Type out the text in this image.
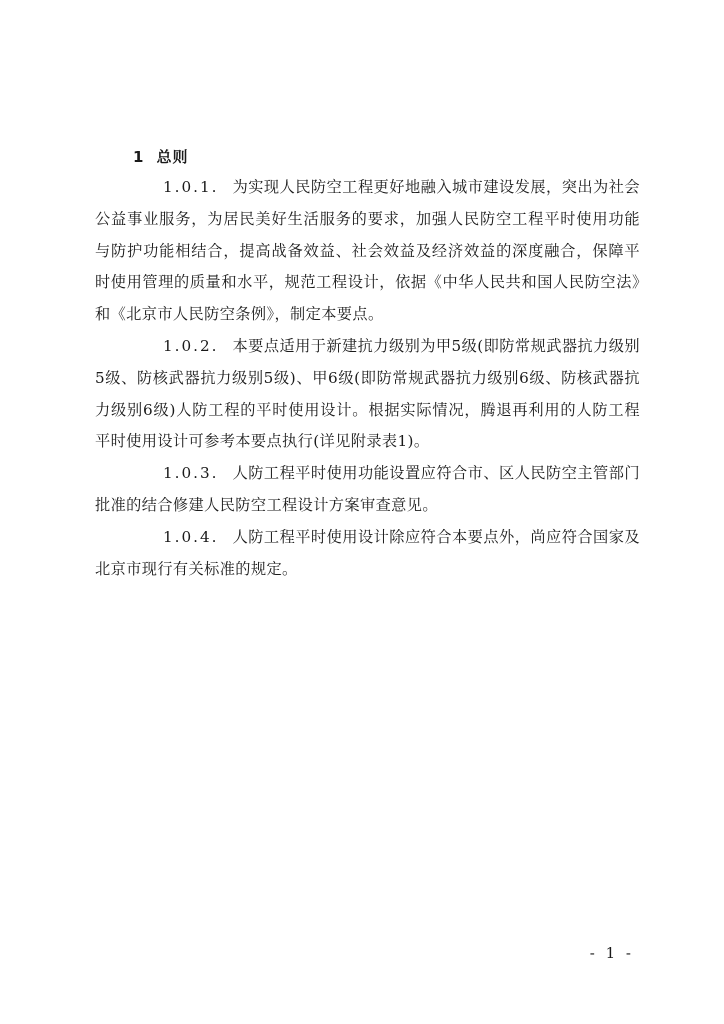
1 总则

1.0.1. 为实现人民防空工程更好地融入城市建设发展，突出为社会公益事业服务，为居民美好生活服务的要求，加强人民防空工程平时使用功能与防护功能相结合，提高战备效益、社会效益及经济效益的深度融合，保障平时使用管理的质量和水平，规范工程设计，依据《中华人民共和国人民防空法》和《北京市人民防空条例》，制定本要点。

1.0.2. 本要点适用于新建抗力级别为甲5级(即防常规武器抗力级别5级、防核武器抗力级别5级)、甲6级(即防常规武器抗力级别6级、防核武器抗力级别6级)人防工程的平时使用设计。根据实际情况，腾退再利用的人防工程平时使用设计可参考本要点执行(详见附录表1)。

1.0.3. 人防工程平时使用功能设置应符合市、区人民防空主管部门批准的结合修建人民防空工程设计方案审查意见。

1.0.4. 人防工程平时使用设计除应符合本要点外，尚应符合国家及北京市现行有关标准的规定。

- 1 -
